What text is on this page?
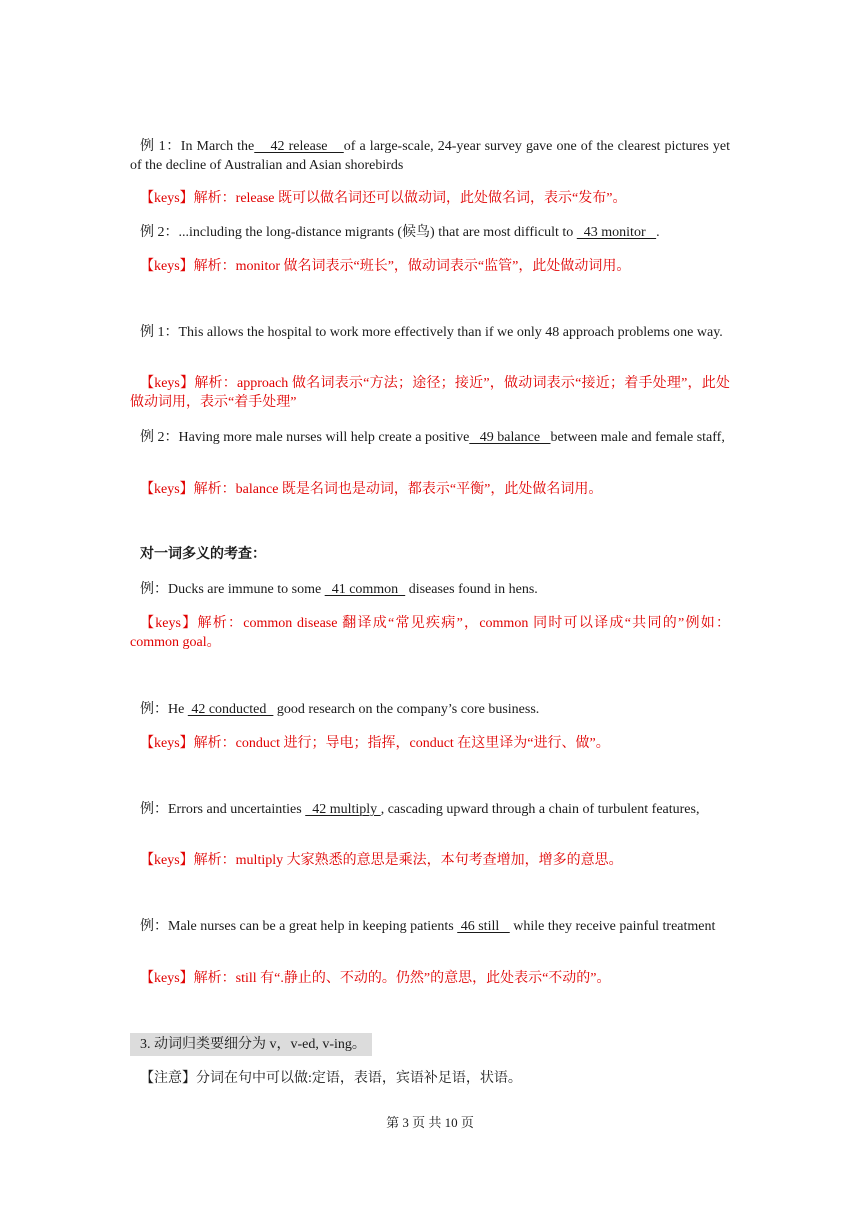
例 1：In March the    42 release    of a large-scale, 24-year survey gave one of the clearest pictures yet of the decline of Australian and Asian shorebirds
【keys】解析：release 既可以做名词还可以做动词，此处做名词，表示“发布”。
例 2：...including the long-distance migrants (候鸟) that are most difficult to   43 monitor   .
【keys】解析：monitor 做名词表示“班长”，做动词表示“监管”，此处做动词用。
例 1：This allows the hospital to work more effectively than if we only 48 approach problems one way.
【keys】解析：approach 做名词表示“方法；途径；接近”，做动词表示“接近；着手处理”，此处做动词用，表示“着手处理”
例 2：Having more male nurses will help create a positive   49 balance   between male and female staff,
【keys】解析：balance 既是名词也是动词，都表示“平衡”，此处做名词用。
对一词多义的考查：
例：Ducks are immune to some   41 common   diseases found in hens.
【keys】解析：common disease 翻译成“常见疾病”，common 同时可以译成“共同的”例如：common goal。
例：He  42 conducted   good research on the company’s core business.
【keys】解析：conduct 进行；导电；指挥，conduct 在这里译为“进行、做”。
例：Errors and uncertainties   42 multiply , cascading upward through a chain of turbulent features,
【keys】解析：multiply 大家熟悉的意思是乘法，本句考查增加，增多的意思。
例：Male nurses can be a great help in keeping patients  46 still    while they receive painful treatment
【keys】解析：still 有“.静止的、不动的。仍然”的意思，此处表示“不动的”。
3. 动词归类要细分为 v，v-ed, v-ing。
【注意】分词在句中可以做:定语，表语，宾语补足语，状语。
第 3 页 共 10 页
